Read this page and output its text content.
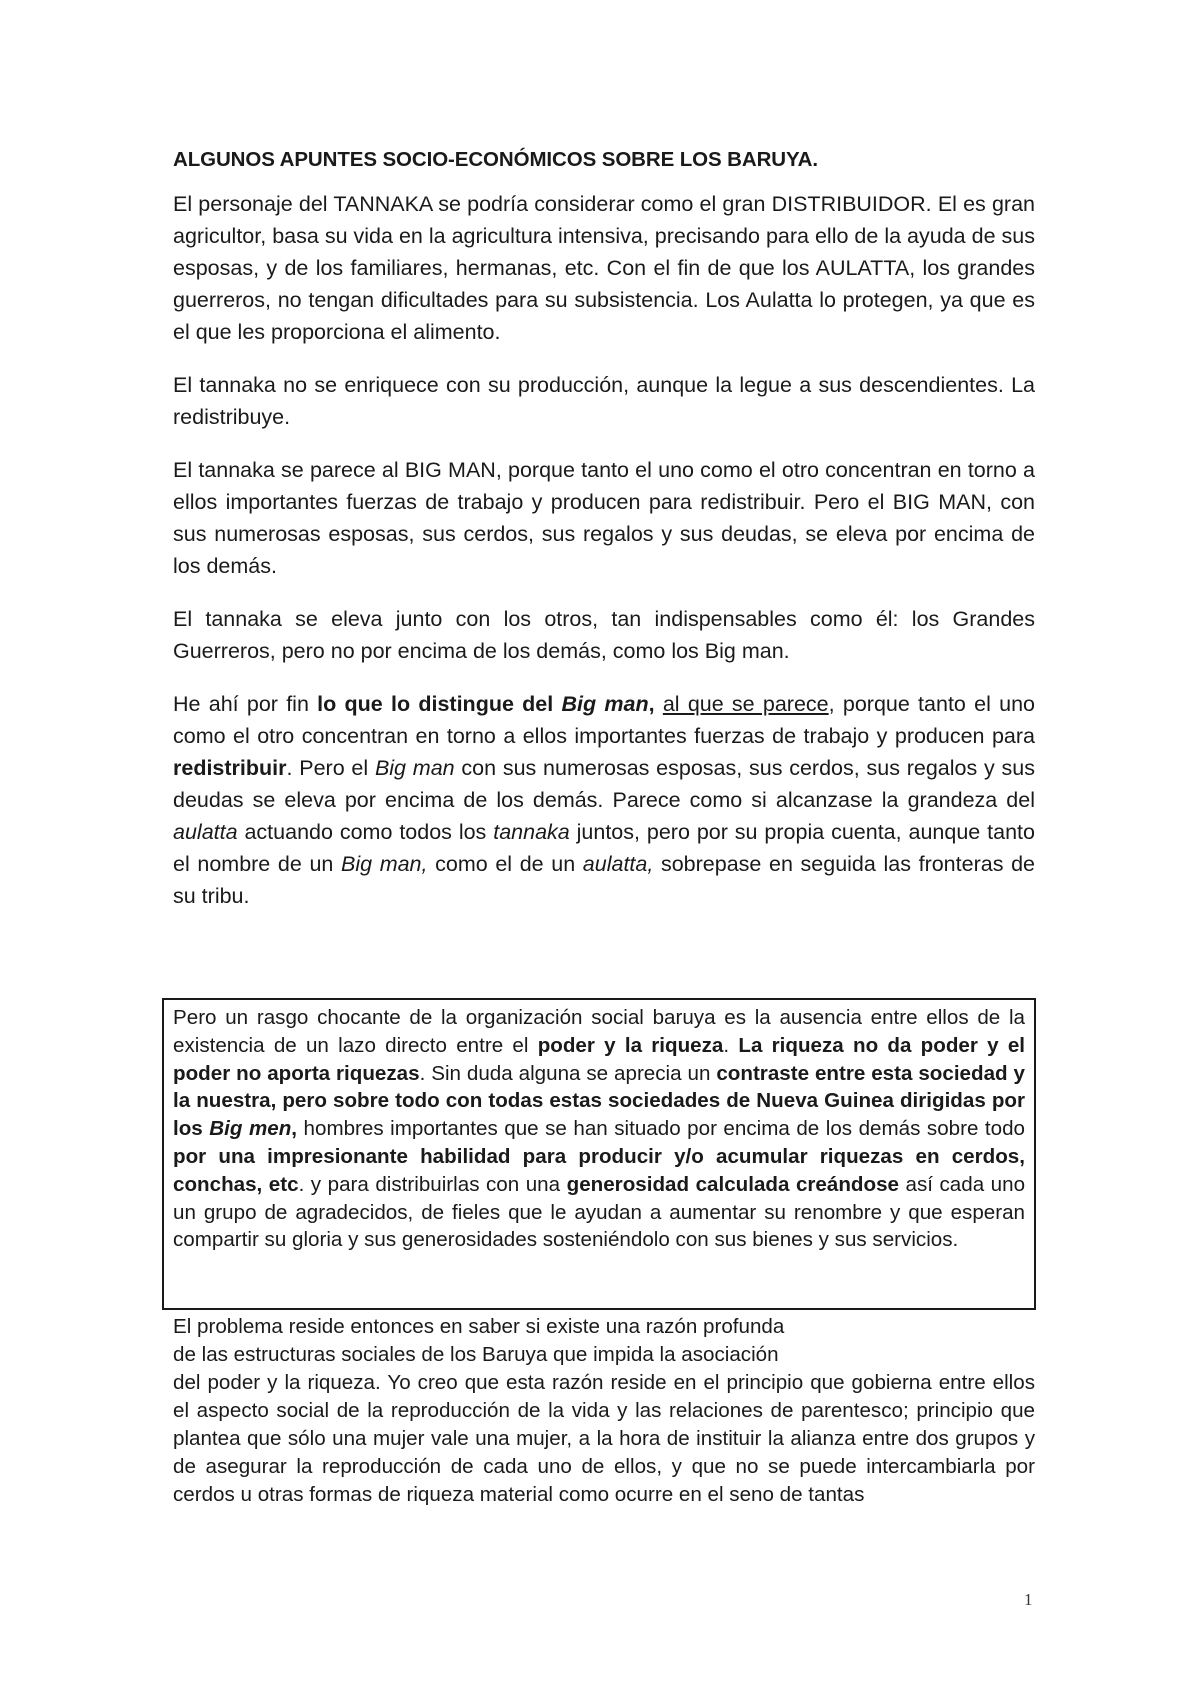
ALGUNOS APUNTES SOCIO-ECONÓMICOS SOBRE LOS BARUYA.

El personaje del TANNAKA se podría considerar como el gran DISTRIBUIDOR. El es gran agricultor, basa su vida en la agricultura intensiva, precisando para ello de la ayuda de sus esposas, y de los familiares, hermanas, etc. Con el fin de que los AULATTA, los grandes guerreros, no tengan dificultades para su subsistencia. Los Aulatta lo protegen, ya que es el que les proporciona el alimento.

El tannaka no se enriquece con su producción, aunque la legue a sus descendientes. La redistribuye.

El tannaka se parece al BIG MAN, porque tanto el uno como el otro concentran en torno a ellos importantes fuerzas de trabajo y producen para redistribuir. Pero el BIG MAN, con sus numerosas esposas, sus cerdos, sus regalos y sus deudas, se eleva por encima de los demás.

El tannaka se eleva junto con los otros, tan indispensables como él: los Grandes Guerreros, pero no por encima de los demás, como los Big man.

He ahí por fin lo que lo distingue del Big man, al que se parece, porque tanto el uno como el otro concentran en torno a ellos importantes fuerzas de trabajo y producen para redistribuir. Pero el Big man con sus numerosas esposas, sus cerdos, sus regalos y sus deudas se eleva por encima de los demás. Parece como si alcanzase la grandeza del aulatta actuando como todos los tannaka juntos, pero por su propia cuenta, aunque tanto el nombre de un Big man, como el de un aulatta, sobrepase en seguida las fronteras de su tribu.

Pero un rasgo chocante de la organización social baruya es la ausencia entre ellos de la existencia de un lazo directo entre el poder y la riqueza. La riqueza no da poder y el poder no aporta riquezas. Sin duda alguna se aprecia un contraste entre esta sociedad y la nuestra, pero sobre todo con todas estas sociedades de Nueva Guinea dirigidas por los Big men, hombres importantes que se han situado por encima de los demás sobre todo por una impresionante habilidad para producir y/o acumular riquezas en cerdos, conchas, etc. y para distribuirlas con una generosidad calculada creándose así cada uno un grupo de agradecidos, de fieles que le ayudan a aumentar su renombre y que esperan compartir su gloria y sus generosidades sosteniéndolo con sus bienes y sus servicios.

El problema reside entonces en saber si existe una razón profunda
de las estructuras sociales de los Baruya que impida la asociación

del poder y la riqueza. Yo creo que esta razón reside en el principio que gobierna entre ellos el aspecto social de la reproducción de la vida y las relaciones de parentesco; principio que plantea que sólo una mujer vale una mujer, a la hora de instituir la alianza entre dos grupos y de asegurar la reproducción de cada uno de ellos, y que no se puede intercambiarla por cerdos u otras formas de riqueza material como ocurre en el seno de tantas

1
